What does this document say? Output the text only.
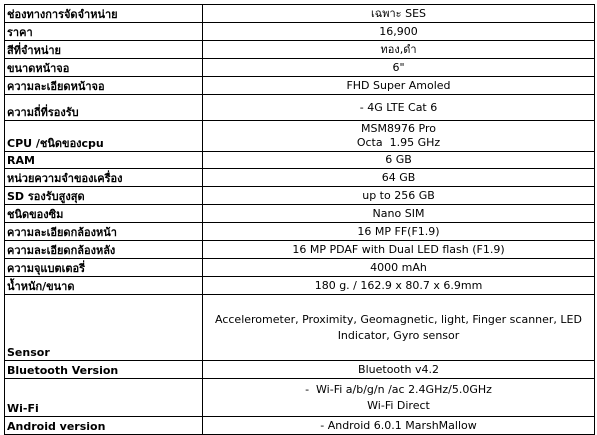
ช่องทางการจัดจำหน่าย	เฉพาะ SES

ราคา	16,900

สีที่จำหน่าย	ทอง,ดำ

ขนาดหน้าจอ	6"

ความละเอียดหน้าจอ	FHD Super Amoled

ความถี่ที่รองรับ	- 4G LTE Cat 6

CPU /ชนิดของcpu	MSM8976 Pro
Octa  1.95 GHz

RAM	6 GB

หน่วยความจำของเครื่อง	64 GB

SD รองรับสูงสุด	up to 256 GB

ชนิดของซิม	Nano SIM

ความละเอียดกล้องหน้า	16 MP FF(F1.9)

ความละเอียดกล้องหลัง	16 MP PDAF with Dual LED flash (F1.9)

ความจุแบตเตอรี่	4000 mAh

น้ำหนัก/ขนาด	180 g. / 162.9 x 80.7 x 6.9mm

Sensor	Accelerometer, Proximity, Geomagnetic, light, Finger scanner, LED Indicator, Gyro sensor

Bluetooth Version	Bluetooth v4.2

Wi-Fi	-  Wi-Fi a/b/g/n /ac 2.4GHz/5.0GHz
Wi-Fi Direct

Android version	- Android 6.0.1 MarshMallow
